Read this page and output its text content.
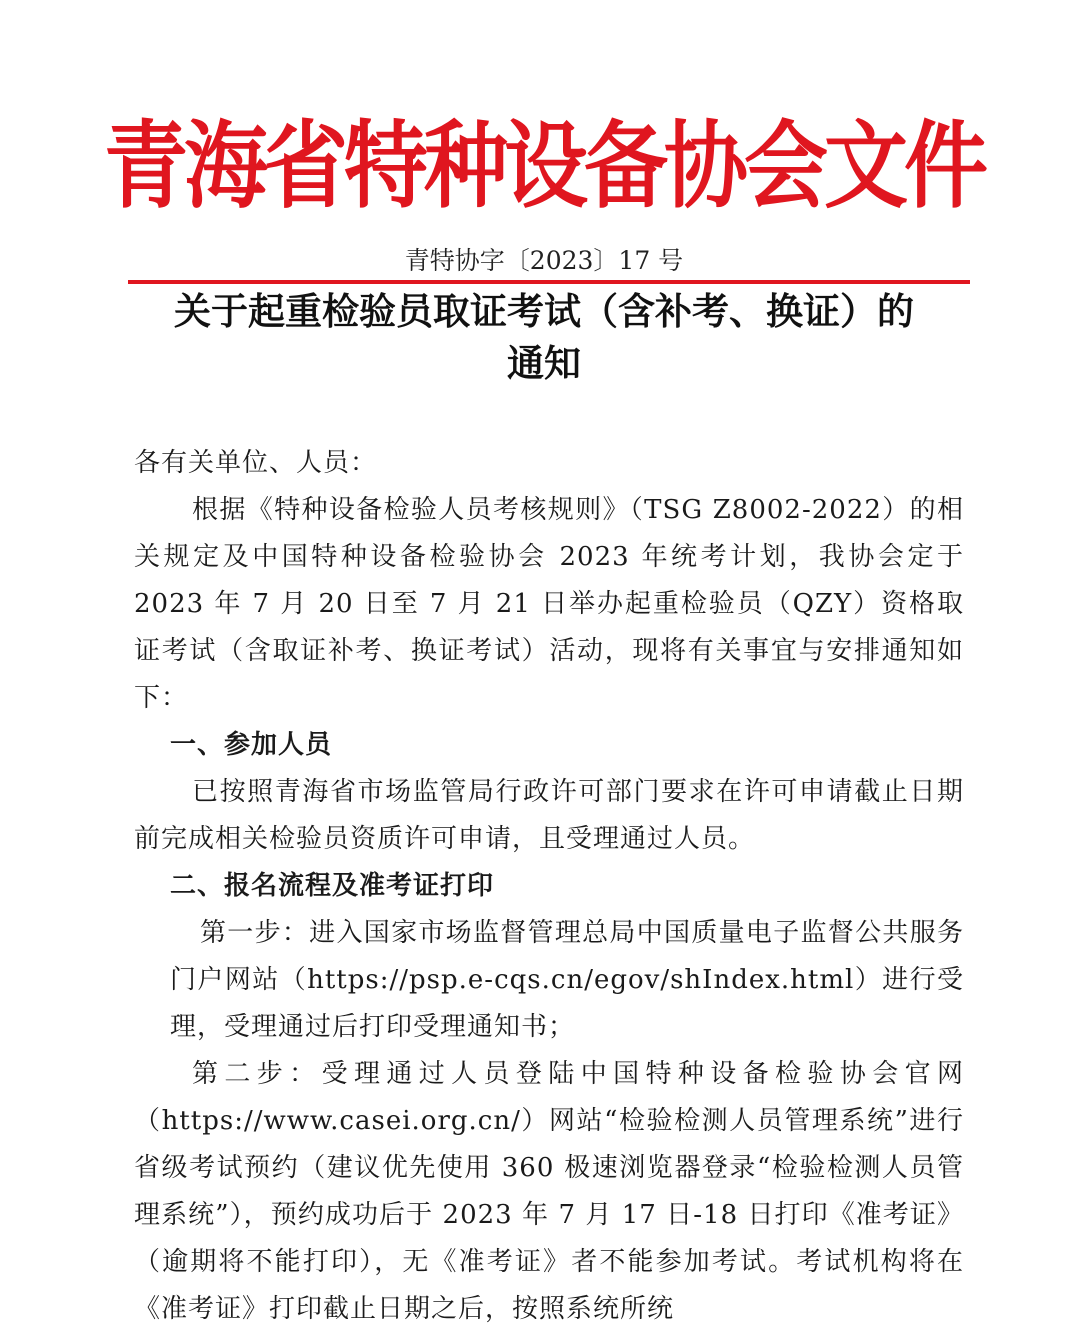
青海省特种设备协会文件
青特协字〔2023〕17 号
关于起重检验员取证考试（含补考、换证）的
通知

各有关单位、人员：

根据《特种设备检验人员考核规则》（TSG Z8002-2022）的相关规定及中国特种设备检验协会 2023 年统考计划，我协会定于 2023 年 7 月 20 日至 7 月 21 日举办起重检验员（QZY）资格取证考试（含取证补考、换证考试）活动，现将有关事宜与安排通知如下：

一、参加人员

已按照青海省市场监管局行政许可部门要求在许可申请截止日期前完成相关检验员资质许可申请，且受理通过人员。

二、报名流程及准考证打印

第一步：进入国家市场监督管理总局中国质量电子监督公共服务门户网站（https://psp.e-cqs.cn/egov/shIndex.html）进行受理，受理通过后打印受理通知书；

第二步：受理通过人员登陆中国特种设备检验协会官网（https://www.casei.org.cn/）网站“检验检测人员管理系统”进行省级考试预约（建议优先使用 360 极速浏览器登录“检验检测人员管理系统”），预约成功后于 2023 年 7 月 17 日-18 日打印《准考证》（逾期将不能打印），无《准考证》者不能参加考试。考试机构将在《准考证》打印截止日期之后，按照系统所统
